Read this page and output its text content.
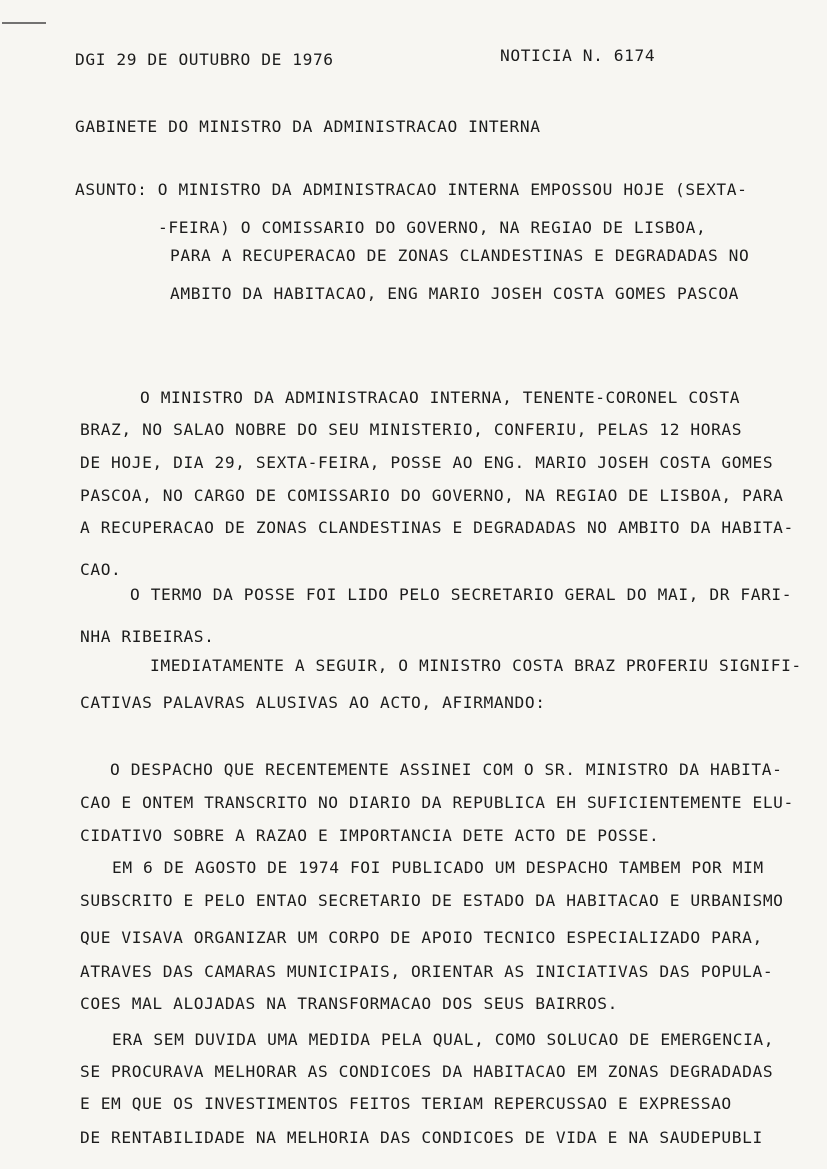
DGI 29 DE OUTUBRO DE 1976	NOTICIA N. 6174
GABINETE DO MINISTRO DA ADMINISTRACAO INTERNA
ASUNTO: O MINISTRO DA ADMINISTRACAO INTERNA EMPOSSOU HOJE (SEXTA-
-FEIRA) O COMISSARIO DO GOVERNO, NA REGIAO DE LISBOA,
PARA A RECUPERACAO DE ZONAS CLANDESTINAS E DEGRADADAS NO
AMBITO DA HABITACAO, ENG MARIO JOSEH COSTA GOMES PASCOA
O MINISTRO DA ADMINISTRACAO INTERNA, TENENTE-CORONEL COSTA
BRAZ, NO SALAO NOBRE DO SEU MINISTERIO, CONFERIU, PELAS 12 HORAS
DE HOJE, DIA 29, SEXTA-FEIRA, POSSE AO ENG. MARIO JOSEH COSTA GOMES
PASCOA, NO CARGO DE COMISSARIO DO GOVERNO, NA REGIAO DE LISBOA, PARA
A RECUPERACAO DE ZONAS CLANDESTINAS E DEGRADADAS NO AMBITO DA HABITA-
CAO.
O TERMO DA POSSE FOI LIDO PELO SECRETARIO GERAL DO MAI, DR FARI-
NHA RIBEIRAS.
IMEDIATAMENTE A SEGUIR, O MINISTRO COSTA BRAZ PROFERIU SIGNIFI-
CATIVAS PALAVRAS ALUSIVAS AO ACTO, AFIRMANDO:
O DESPACHO QUE RECENTEMENTE ASSINEI COM O SR. MINISTRO DA HABITA-
CAO E ONTEM TRANSCRITO NO DIARIO DA REPUBLICA EH SUFICIENTEMENTE ELU-
CIDATIVO SOBRE A RAZAO E IMPORTANCIA DETE ACTO DE POSSE.
EM 6 DE AGOSTO DE 1974 FOI PUBLICADO UM DESPACHO TAMBEM POR MIM
SUBSCRITO E PELO ENTAO SECRETARIO DE ESTADO DA HABITACAO E URBANISMO
QUE VISAVA ORGANIZAR UM CORPO DE APOIO TECNICO ESPECIALIZADO PARA,
ATRAVES DAS CAMARAS MUNICIPAIS, ORIENTAR AS INICIATIVAS DAS POPULA-
COES MAL ALOJADAS NA TRANSFORMACAO DOS SEUS BAIRROS.
ERA SEM DUVIDA UMA MEDIDA PELA QUAL, COMO SOLUCAO DE EMERGENCIA,
SE PROCURAVA MELHORAR AS CONDICOES DA HABITACAO EM ZONAS DEGRADADAS
E EM QUE OS INVESTIMENTOS FEITOS TERIAM REPERCUSSAO E EXPRESSAO
DE RENTABILIDADE NA MELHORIA DAS CONDICOES DE VIDA E NA SAUDEPUBLI
